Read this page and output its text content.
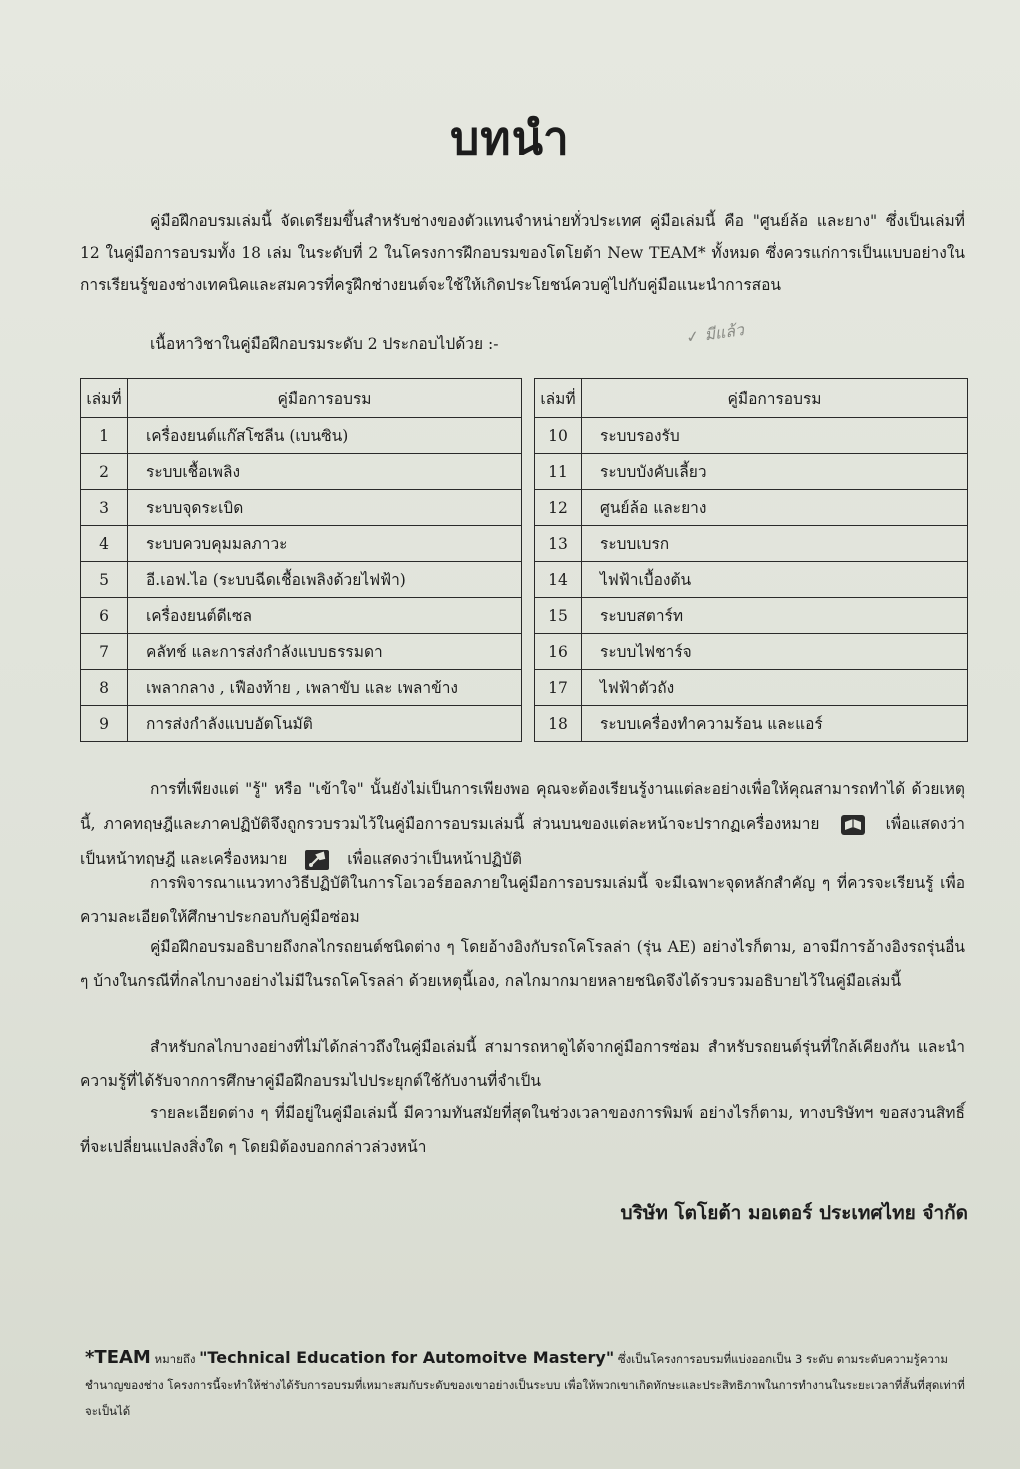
บทนำ
คู่มือฝึกอบรมเล่มนี้ จัดเตรียมขึ้นสำหรับช่างของตัวแทนจำหน่ายทั่วประเทศ คู่มือเล่มนี้ คือ "ศูนย์ล้อ และยาง" ซึ่งเป็นเล่มที่ 12 ในคู่มือการอบรมทั้ง 18 เล่ม ในระดับที่ 2 ในโครงการฝึกอบรมของโตโยต้า New TEAM* ทั้งหมด ซึ่งควรแก่การเป็นแบบอย่างในการเรียนรู้ของช่างเทคนิคและสมควรที่ครูฝึกช่างยนต์จะใช้ให้เกิดประโยชน์ควบคู่ไปกับคู่มือแนะนำการสอน
เนื้อหาวิชาในคู่มือฝึกอบรมระดับ 2 ประกอบไปด้วย :-	✓ มีแล้ว
เล่มที่	คู่มือการอบรม
1	เครื่องยนต์แก๊สโซลีน (เบนซิน)
2	ระบบเชื้อเพลิง
3	ระบบจุดระเบิด
4	ระบบควบคุมมลภาวะ
5	อี.เอฟ.ไอ (ระบบฉีดเชื้อเพลิงด้วยไฟฟ้า)
6	เครื่องยนต์ดีเซล
7	คลัทช์ และการส่งกำลังแบบธรรมดา
8	เพลากลาง , เฟืองท้าย , เพลาขับ และ เพลาข้าง
9	การส่งกำลังแบบอัตโนมัติ
เล่มที่	คู่มือการอบรม
10	ระบบรองรับ
11	ระบบบังคับเลี้ยว
12	ศูนย์ล้อ และยาง
13	ระบบเบรก
14	ไฟฟ้าเบื้องต้น
15	ระบบสตาร์ท
16	ระบบไฟชาร์จ
17	ไฟฟ้าตัวถัง
18	ระบบเครื่องทำความร้อน และแอร์
การที่เพียงแต่ "รู้" หรือ "เข้าใจ" นั้นยังไม่เป็นการเพียงพอ คุณจะต้องเรียนรู้งานแต่ละอย่างเพื่อให้คุณสามารถทำได้ ด้วยเหตุนี้, ภาคทฤษฎีและภาคปฏิบัติจึงถูกรวบรวมไว้ในคู่มือการอบรมเล่มนี้ ส่วนบนของแต่ละหน้าจะปรากฏเครื่องหมาย	เพื่อแสดงว่าเป็นหน้าทฤษฎี และเครื่องหมาย	เพื่อแสดงว่าเป็นหน้าปฏิบัติ
การพิจารณาแนวทางวิธีปฏิบัติในการโอเวอร์ฮอลภายในคู่มือการอบรมเล่มนี้ จะมีเฉพาะจุดหลักสำคัญ ๆ ที่ควรจะเรียนรู้ เพื่อความละเอียดให้ศึกษาประกอบกับคู่มือซ่อม
คู่มือฝึกอบรมอธิบายถึงกลไกรถยนต์ชนิดต่าง ๆ โดยอ้างอิงกับรถโคโรลล่า (รุ่น AE) อย่างไรก็ตาม, อาจมีการอ้างอิงรถรุ่นอื่น ๆ บ้างในกรณีที่กลไกบางอย่างไม่มีในรถโคโรลล่า ด้วยเหตุนี้เอง, กลไกมากมายหลายชนิดจึงได้รวบรวมอธิบายไว้ในคู่มือเล่มนี้
สำหรับกลไกบางอย่างที่ไม่ได้กล่าวถึงในคู่มือเล่มนี้ สามารถหาดูได้จากคู่มือการซ่อม สำหรับรถยนต์รุ่นที่ใกล้เคียงกัน และนำความรู้ที่ได้รับจากการศึกษาคู่มือฝึกอบรมไปประยุกต์ใช้กับงานที่จำเป็น
รายละเอียดต่าง ๆ ที่มีอยู่ในคู่มือเล่มนี้ มีความทันสมัยที่สุดในช่วงเวลาของการพิมพ์ อย่างไรก็ตาม, ทางบริษัทฯ ขอสงวนสิทธิ์ที่จะเปลี่ยนแปลงสิ่งใด ๆ โดยมิต้องบอกกล่าวล่วงหน้า
บริษัท โตโยต้า มอเตอร์ ประเทศไทย จำกัด
*TEAM หมายถึง "Technical Education for Automoitve Mastery" ซึ่งเป็นโครงการอบรมที่แบ่งออกเป็น 3 ระดับ ตามระดับความรู้ความชำนาญของช่าง โครงการนี้จะทำให้ช่างได้รับการอบรมที่เหมาะสมกับระดับของเขาอย่างเป็นระบบ เพื่อให้พวกเขาเกิดทักษะและประสิทธิภาพในการทำงานในระยะเวลาที่สั้นที่สุดเท่าที่จะเป็นได้
